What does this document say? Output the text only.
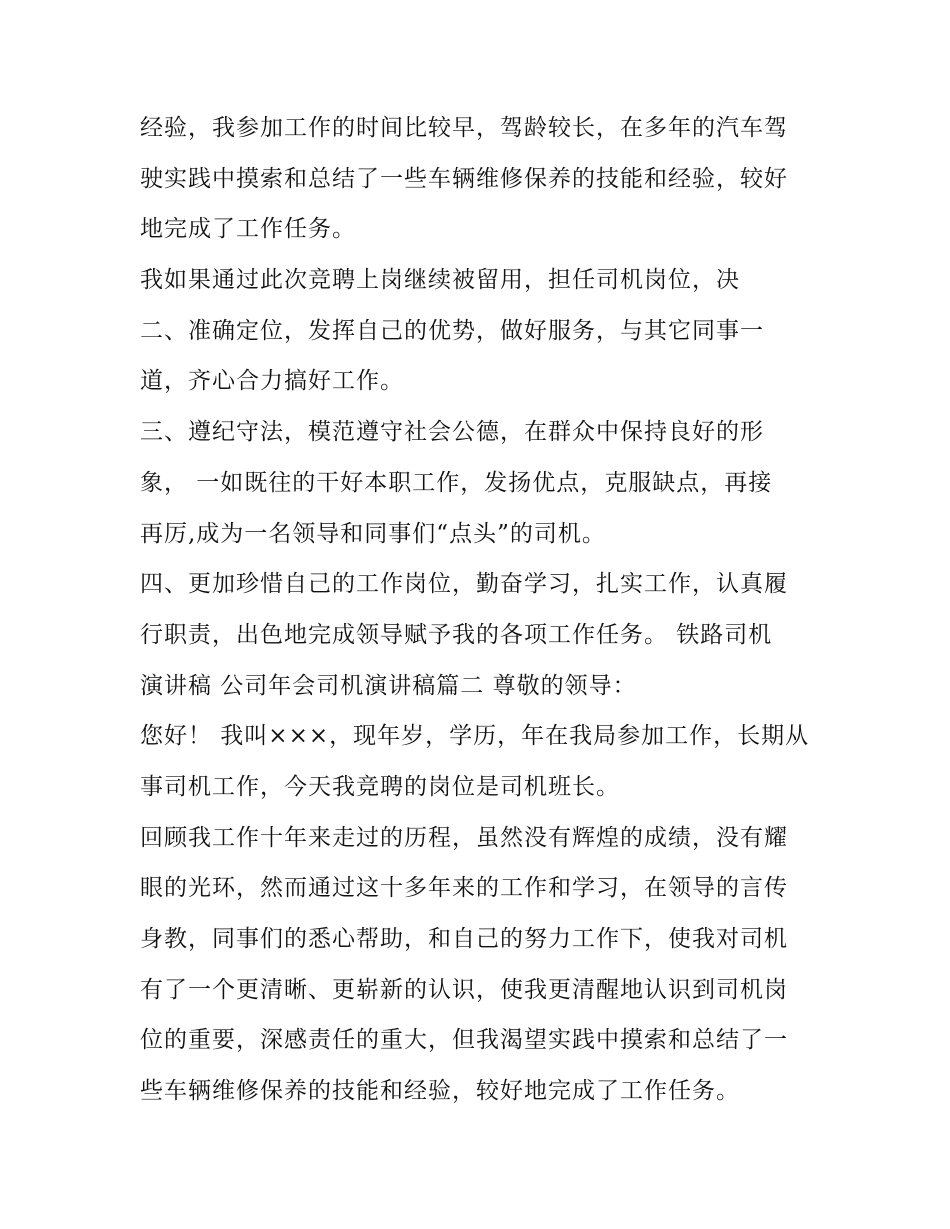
经验，我参加工作的时间比较早，驾龄较长，在多年的汽车驾
驶实践中摸索和总结了一些车辆维修保养的技能和经验，较好
地完成了工作任务。
我如果通过此次竞聘上岗继续被留用，担任司机岗位，决
二、准确定位，发挥自己的优势，做好服务，与其它同事一
道，齐心合力搞好工作。
三、遵纪守法，模范遵守社会公德，在群众中保持良好的形
象， 一如既往的干好本职工作，发扬优点，克服缺点，再接
再厉,成为一名领导和同事们“点头”的司机。
四、更加珍惜自己的工作岗位，勤奋学习，扎实工作，认真履
行职责，出色地完成领导赋予我的各项工作任务。 铁路司机
演讲稿 公司年会司机演讲稿篇二 尊敬的领导：
您好！ 我叫×××，现年岁，学历，年在我局参加工作，长期从
事司机工作，今天我竞聘的岗位是司机班长。
回顾我工作十年来走过的历程，虽然没有辉煌的成绩，没有耀
眼的光环，然而通过这十多年来的工作和学习，在领导的言传
身教，同事们的悉心帮助，和自己的努力工作下，使我对司机
有了一个更清晰、更崭新的认识，使我更清醒地认识到司机岗
位的重要，深感责任的重大，但我渴望实践中摸索和总结了一
些车辆维修保养的技能和经验，较好地完成了工作任务。
